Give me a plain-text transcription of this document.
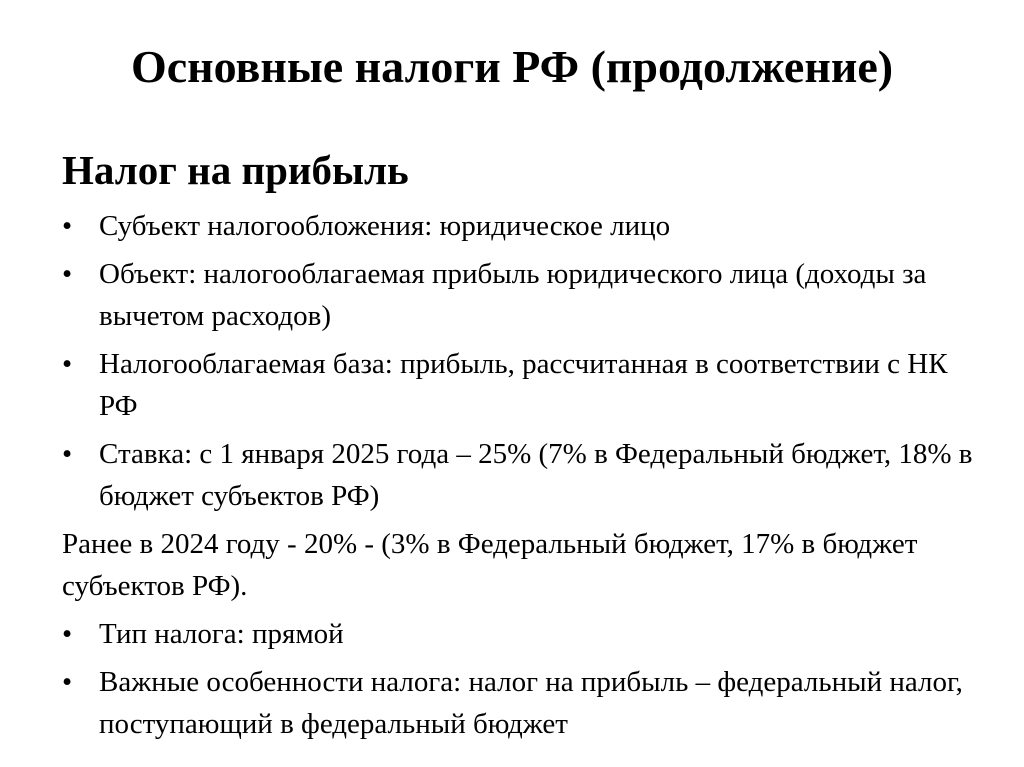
Основные налоги РФ (продолжение)
Налог на прибыль
• Субъект налогообложения: юридическое лицо
• Объект: налогооблагаемая прибыль юридического лица (доходы за вычетом расходов)
• Налогооблагаемая база: прибыль, рассчитанная в соответствии с НК РФ
• Ставка: с 1 января 2025 года – 25% (7% в Федеральный бюджет, 18% в бюджет субъектов РФ)
Ранее в 2024 году - 20% - (3% в Федеральный бюджет, 17% в бюджет субъектов РФ).
• Тип налога: прямой
• Важные особенности налога: налог на прибыль – федеральный налог, поступающий в федеральный бюджет
